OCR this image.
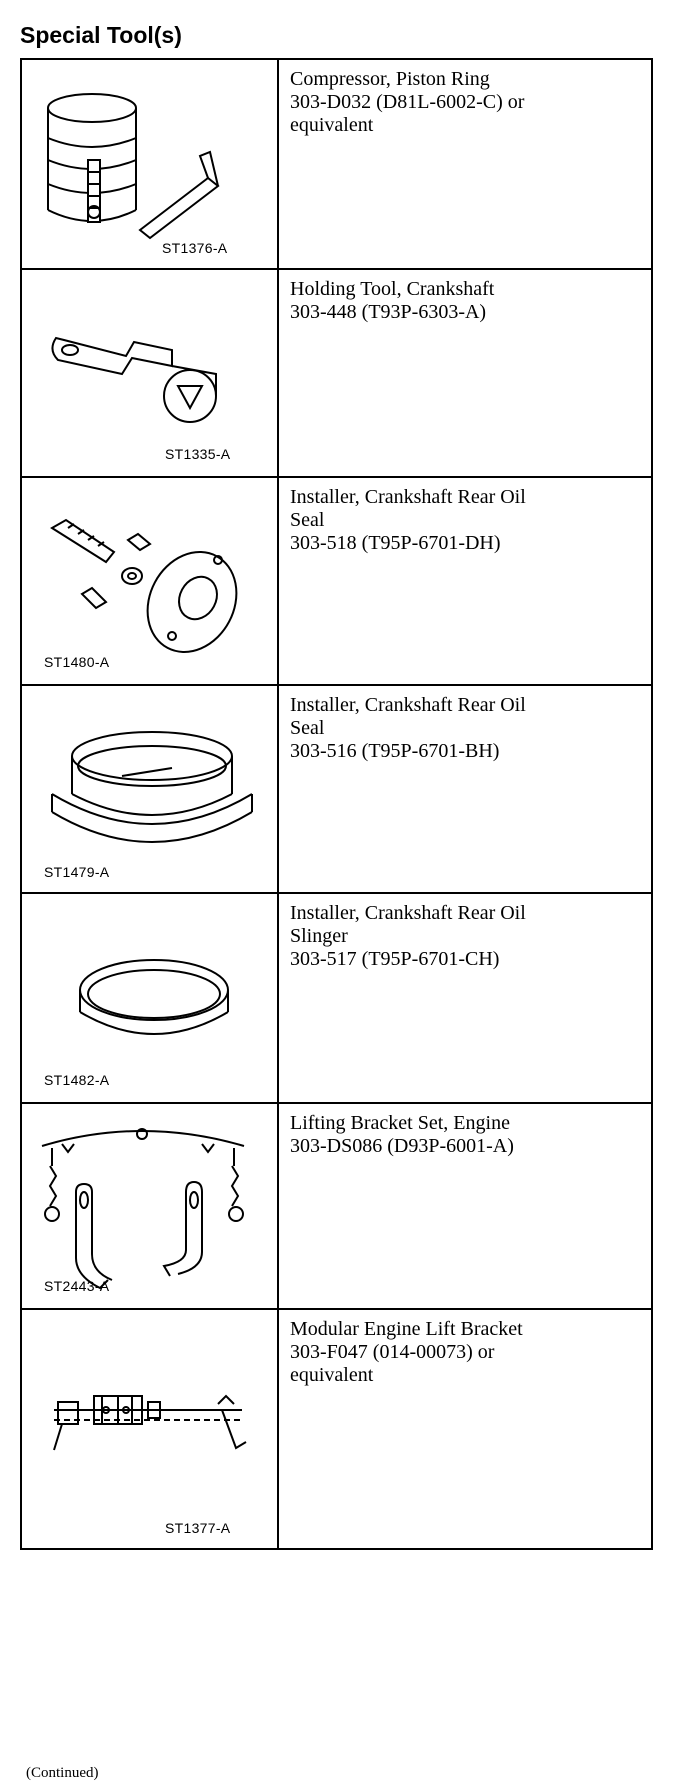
Special Tool(s)
ST1376-A	Compressor, Piston Ring
303-D032 (D81L-6002-C) or
equivalent

ST1335-A	Holding Tool, Crankshaft
303-448 (T93P-6303-A)

ST1480-A	Installer, Crankshaft Rear Oil
Seal
303-518 (T95P-6701-DH)

ST1479-A	Installer, Crankshaft Rear Oil
Seal
303-516 (T95P-6701-BH)

ST1482-A	Installer, Crankshaft Rear Oil
Slinger
303-517 (T95P-6701-CH)

ST2443-A	Lifting Bracket Set, Engine
303-DS086 (D93P-6001-A)

ST1377-A	Modular Engine Lift Bracket
303-F047 (014-00073) or
equivalent
(Continued)
